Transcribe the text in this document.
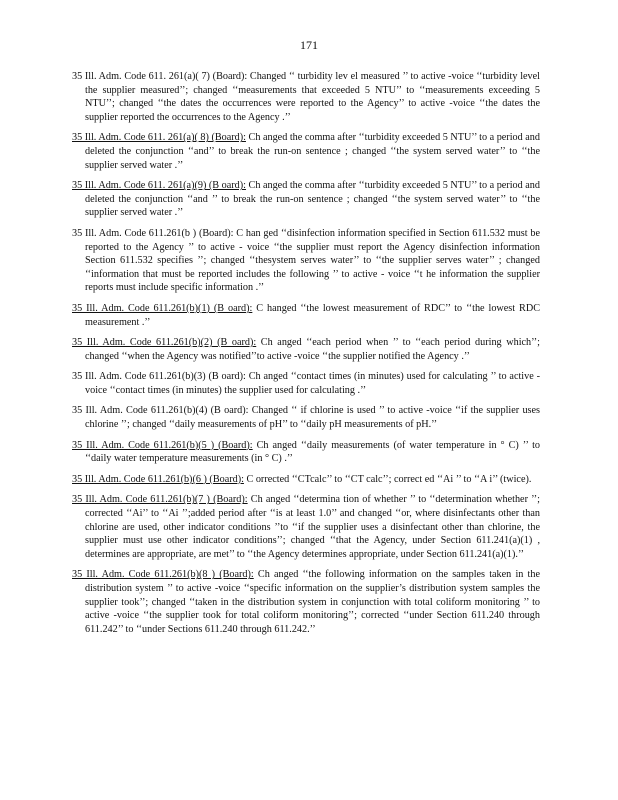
171

35 Ill. Adm. Code 611. 261(a)( 7) (Board): Changed ‘‘ turbidity lev el measured ’’ to active -voice ‘‘turbidity level the supplier measured’’; changed ‘‘measurements that exceeded 5 NTU’’ to ‘‘measurements exceeding 5 NTU’’; changed ‘‘the dates the occurrences were reported to the Agency’’ to active -voice ‘‘the dates the supplier reported the occurrences to the Agency .’’

35 Ill. Adm. Code 611. 261(a)( 8) (Board): Ch anged the comma after ‘‘turbidity exceeded 5 NTU’’ to a period and deleted the conjunction ‘‘and’’ to break the run-on sentence ; changed ‘‘the system served water’’ to ‘‘the supplier served water .’’

35 Ill. Adm. Code 611. 261(a)(9) (B oard): Ch anged the comma after ‘‘turbidity exceeded 5 NTU’’ to a period and deleted the conjunction ‘‘and ’’ to break the run-on sentence ; changed ‘‘the system served water’’ to ‘‘the supplier served water .’’

35 Ill. Adm. Code 611.261(b ) (Board): C han ged ‘‘disinfection information specified in Section 611.532 must be reported to the Agency ’’ to active - voice ‘‘the supplier must report the Agency disinfection information Section 611.532 specifies ’’; changed ‘‘thesystem serves water’’ to ‘‘the supplier serves water’’ ; changed ‘‘information that must be reported includes the following ’’ to active - voice ‘‘t he information the supplier reports must include specific information .’’

35 Ill. Adm. Code 611.261(b)(1) (B oard): C hanged ‘‘the lowest measurement of RDC’’ to ‘‘the lowest RDC measurement .’’

35 Ill. Adm. Code 611.261(b)(2) (B oard): Ch anged ‘‘each period when ’’ to ‘‘each period during which’’; changed ‘‘when the Agency was notified’’to active -voice ‘‘the supplier notified the Agency .’’

35 Ill. Adm. Code 611.261(b)(3) (B oard): Ch anged ‘‘contact times (in minutes) used for calculating ’’ to active - voice ‘‘contact times (in minutes) the supplier used for calculating .’’

35 Ill. Adm. Code 611.261(b)(4) (B oard): Changed ‘‘ if chlorine is used ’’ to active -voice ‘‘if the supplier uses chlorine ’’; changed ‘‘daily measurements of pH’’ to ‘‘daily pH measurements of pH.’’

35 Ill. Adm. Code 611.261(b)(5 ) (Board): Ch anged ‘‘daily measurements (of water temperature in ° C) ’’ to ‘‘daily water temperature measurements (in ° C) .’’

35 Ill. Adm. Code 611.261(b)(6 ) (Board): C orrected ‘‘CTcalc’’ to ‘‘CT calc’’; correct ed ‘‘Ai ’’ to ‘‘A i’’ (twice).

35 Ill. Adm. Code 611.261(b)(7 ) (Board): Ch anged ‘‘determina tion of whether ’’ to ‘‘determination whether ’’; corrected ‘‘Ai’’ to ‘‘Ai ’’;added period after ‘‘is at least 1.0’’ and changed ‘‘or, where disinfectants other than chlorine are used, other indicator conditions ’’to ‘‘if the supplier uses a disinfectant other than chlorine, the supplier must use other indicator conditions’’; changed ‘‘that the Agency, under Section 611.241(a)(1) , determines are appropriate, are met’’ to ‘‘the Agency determines appropriate, under Section 611.241(a)(1).’’

35 Ill. Adm. Code 611.261(b)(8 ) (Board): Ch anged ‘‘the following information on the samples taken in the distribution system ’’ to active -voice ‘‘specific information on the supplier’s distribution system samples the supplier took’’; changed ‘‘taken in the distribution system in conjunction with total coliform monitoring ’’ to active -voice ‘‘the supplier took for total coliform monitoring’’; corrected ‘‘under Section 611.240 through 611.242’’ to ‘‘under Sections 611.240 through 611.242.’’
